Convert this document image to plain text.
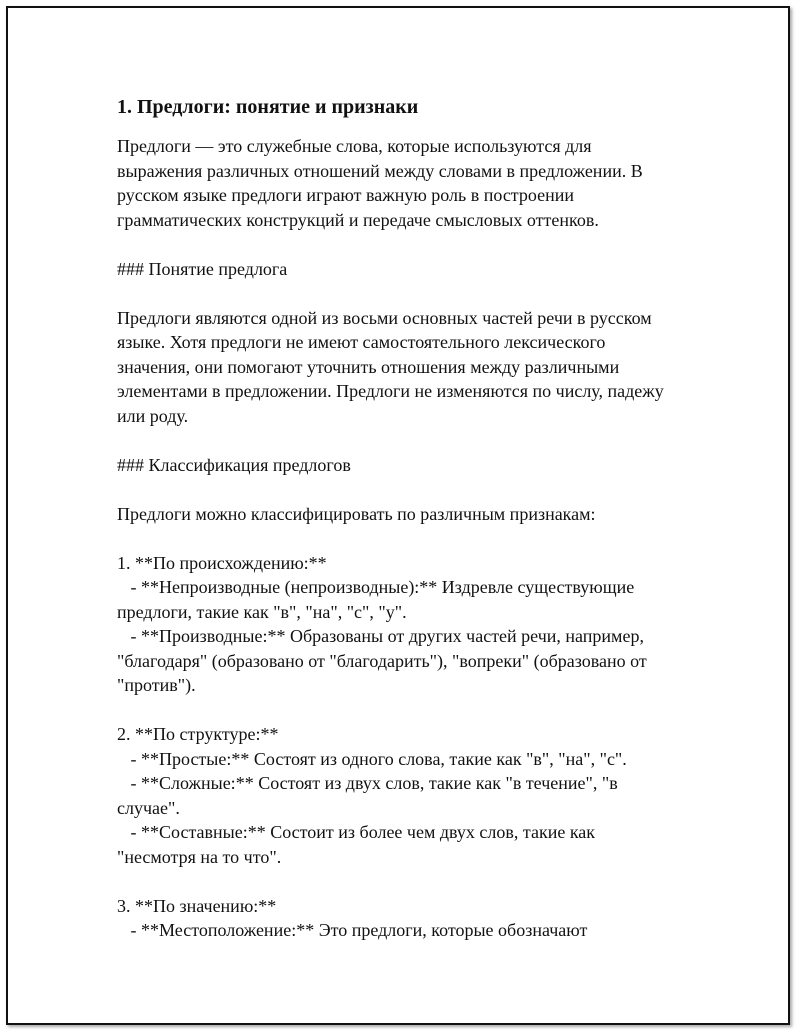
1. Предлоги: понятие и признаки
Предлоги — это служебные слова, которые используются для
выражения различных отношений между словами в предложении. В
русском языке предлоги играют важную роль в построении
грамматических конструкций и передаче смысловых оттенков.
### Понятие предлога
Предлоги являются одной из восьми основных частей речи в русском
языке. Хотя предлоги не имеют самостоятельного лексического
значения, они помогают уточнить отношения между различными
элементами в предложении. Предлоги не изменяются по числу, падежу
или роду.
### Классификация предлогов
Предлоги можно классифицировать по различным признакам:
1. **По происхождению:**
- **Непроизводные (непроизводные):** Издревле существующие
предлоги, такие как "в", "на", "с", "у".
- **Производные:** Образованы от других частей речи, например,
"благодаря" (образовано от "благодарить"), "вопреки" (образовано от
"против").
2. **По структуре:**
- **Простые:** Состоят из одного слова, такие как "в", "на", "с".
- **Сложные:** Состоят из двух слов, такие как "в течение", "в
случае".
- **Составные:** Состоит из более чем двух слов, такие как
"несмотря на то что".
3. **По значению:**
- **Местоположение:** Это предлоги, которые обозначают
